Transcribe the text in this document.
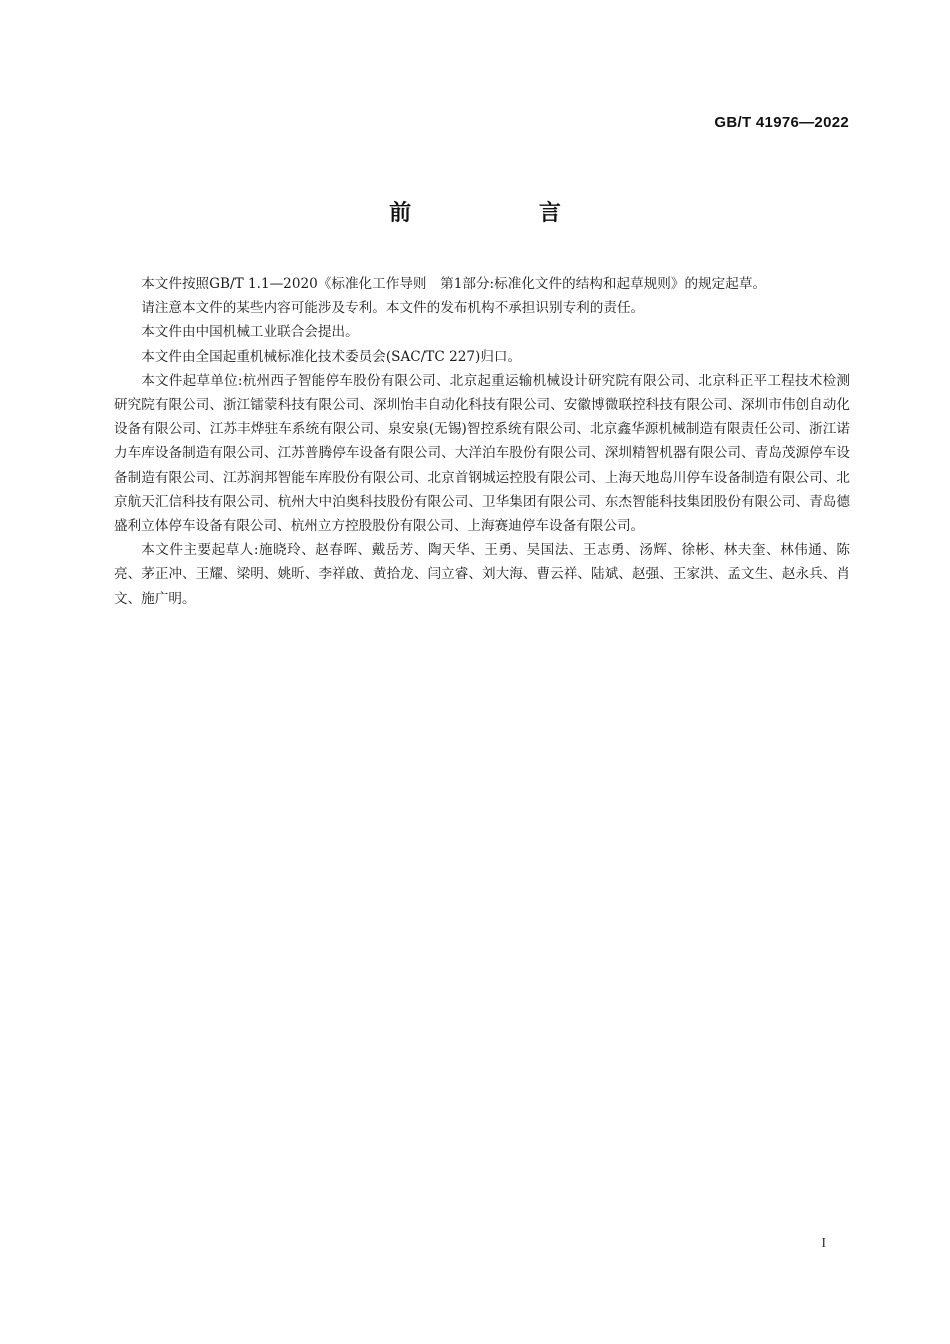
GB/T 41976—2022
前 言

本文件按照GB/T 1.1—2020《标准化工作导则　第1部分:标准化文件的结构和起草规则》的规定起草。

请注意本文件的某些内容可能涉及专利。本文件的发布机构不承担识别专利的责任。

本文件由中国机械工业联合会提出。

本文件由全国起重机械标准化技术委员会(SAC/TC 227)归口。

本文件起草单位:杭州西子智能停车股份有限公司、北京起重运输机械设计研究院有限公司、北京科正平工程技术检测研究院有限公司、浙江镭蒙科技有限公司、深圳怡丰自动化科技有限公司、安徽博微联控科技有限公司、深圳市伟创自动化设备有限公司、江苏丰烨驻车系统有限公司、泉安泉(无锡)智控系统有限公司、北京鑫华源机械制造有限责任公司、浙江诺力车库设备制造有限公司、江苏普腾停车设备有限公司、大洋泊车股份有限公司、深圳精智机器有限公司、青岛茂源停车设备制造有限公司、江苏润邦智能车库股份有限公司、北京首钢城运控股有限公司、上海天地岛川停车设备制造有限公司、北京航天汇信科技有限公司、杭州大中泊奥科技股份有限公司、卫华集团有限公司、东杰智能科技集团股份有限公司、青岛德盛利立体停车设备有限公司、杭州立方控股股份有限公司、上海赛迪停车设备有限公司。

本文件主要起草人:施晓玲、赵春晖、戴岳芳、陶天华、王勇、吴国法、王志勇、汤辉、徐彬、林夫奎、林伟通、陈亮、茅正冲、王耀、梁明、姚昕、李祥啟、黄拾龙、闫立睿、刘大海、曹云祥、陆斌、赵强、王家洪、孟文生、赵永兵、肖文、施广明。

I
